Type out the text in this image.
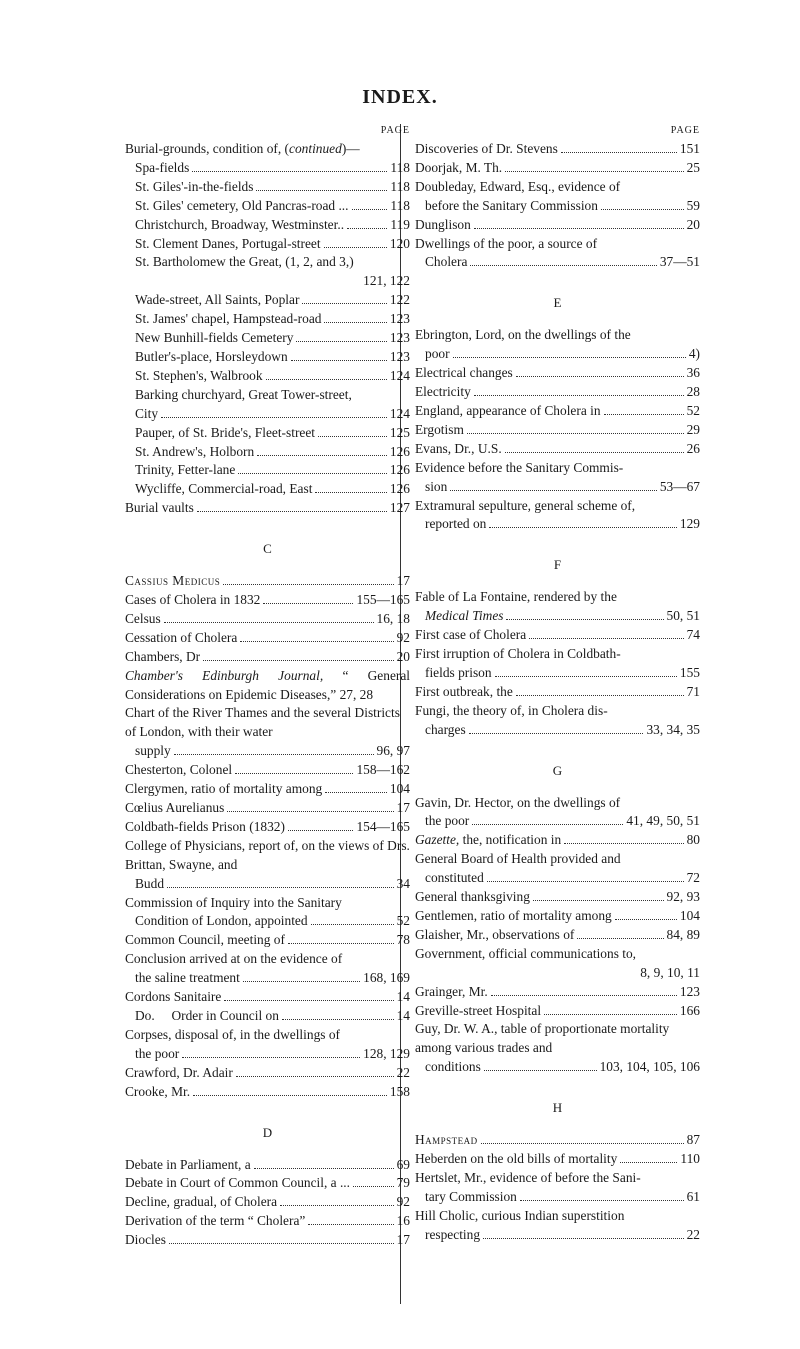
INDEX.
PAGE
Burial-grounds, condition of, (continued)—
Spa-fields	118
St. Giles'-in-the-fields	118
St. Giles' cemetery, Old Pancras-road ...	118
Christchurch, Broadway, Westminster..	119
St. Clement Danes, Portugal-street	120
St. Bartholomew the Great, (1, 2, and 3,)
121, 122
Wade-street, All Saints, Poplar	122
St. James' chapel, Hampstead-road	123
New Bunhill-fields Cemetery	123
Butler's-place, Horsleydown	123
St. Stephen's, Walbrook	124
Barking churchyard, Great Tower-street,
City	124
Pauper, of St. Bride's, Fleet-street	125
St. Andrew's, Holborn	126
Trinity, Fetter-lane	126
Wycliffe, Commercial-road, East	126
Burial vaults	127
C
Cassius Medicus	17
Cases of Cholera in 1832	155—165
Celsus	16, 18
Cessation of Cholera	92
Chambers, Dr	20
Chamber's Edinburgh Journal, “ General Considerations on Epidemic Diseases,” 27, 28
Chart of the River Thames and the several Districts of London, with their water
supply	96, 97
Chesterton, Colonel	158—162
Clergymen, ratio of mortality among	104
Cœlius Aurelianus	17
Coldbath-fields Prison (1832)	154—165
College of Physicians, report of, on the views of Drs. Brittan, Swayne, and
Budd	34
Commission of Inquiry into the Sanitary
Condition of London, appointed	52
Common Council, meeting of	78
Conclusion arrived at on the evidence of
the saline treatment	168, 169
Cordons Sanitaire	14
Do.     Order in Council on	14
Corpses, disposal of, in the dwellings of
the poor	128, 129
Crawford, Dr. Adair	22
Crooke, Mr.	158
D
Debate in Parliament, a	69
Debate in Court of Common Council, a ...	79
Decline, gradual, of Cholera	92
Derivation of the term “ Cholera”	16
Diocles	17
PAGE
Discoveries of Dr. Stevens	151
Doorjak, M. Th.	25
Doubleday, Edward, Esq., evidence of
before the Sanitary Commission	59
Dunglison	20
Dwellings of the poor, a source of
Cholera	37—51
E
Ebrington, Lord, on the dwellings of the
poor	4)
Electrical changes	36
Electricity	28
England, appearance of Cholera in	52
Ergotism	29
Evans, Dr., U.S.	26
Evidence before the Sanitary Commis-
sion	53—67
Extramural sepulture, general scheme of,
reported on	129
F
Fable of La Fontaine, rendered by the
Medical Times	50, 51
First case of Cholera	74
First irruption of Cholera in Coldbath-
fields prison	155
First outbreak, the	71
Fungi, the theory of, in Cholera dis-
charges	33, 34, 35
G
Gavin, Dr. Hector, on the dwellings of
the poor	41, 49, 50, 51
Gazette, the, notification in	80
General Board of Health provided and
constituted	72
General thanksgiving	92, 93
Gentlemen, ratio of mortality among	104
Glaisher, Mr., observations of	84, 89
Government, official communications to,
8, 9, 10, 11
Grainger, Mr.	123
Greville-street Hospital	166
Guy, Dr. W. A., table of proportionate mortality among various trades and
conditions	103, 104, 105, 106
H
Hampstead	87
Heberden on the old bills of mortality	110
Hertslet, Mr., evidence of before the Sani-
tary Commission	61
Hill Cholic, curious Indian superstition
respecting	22
